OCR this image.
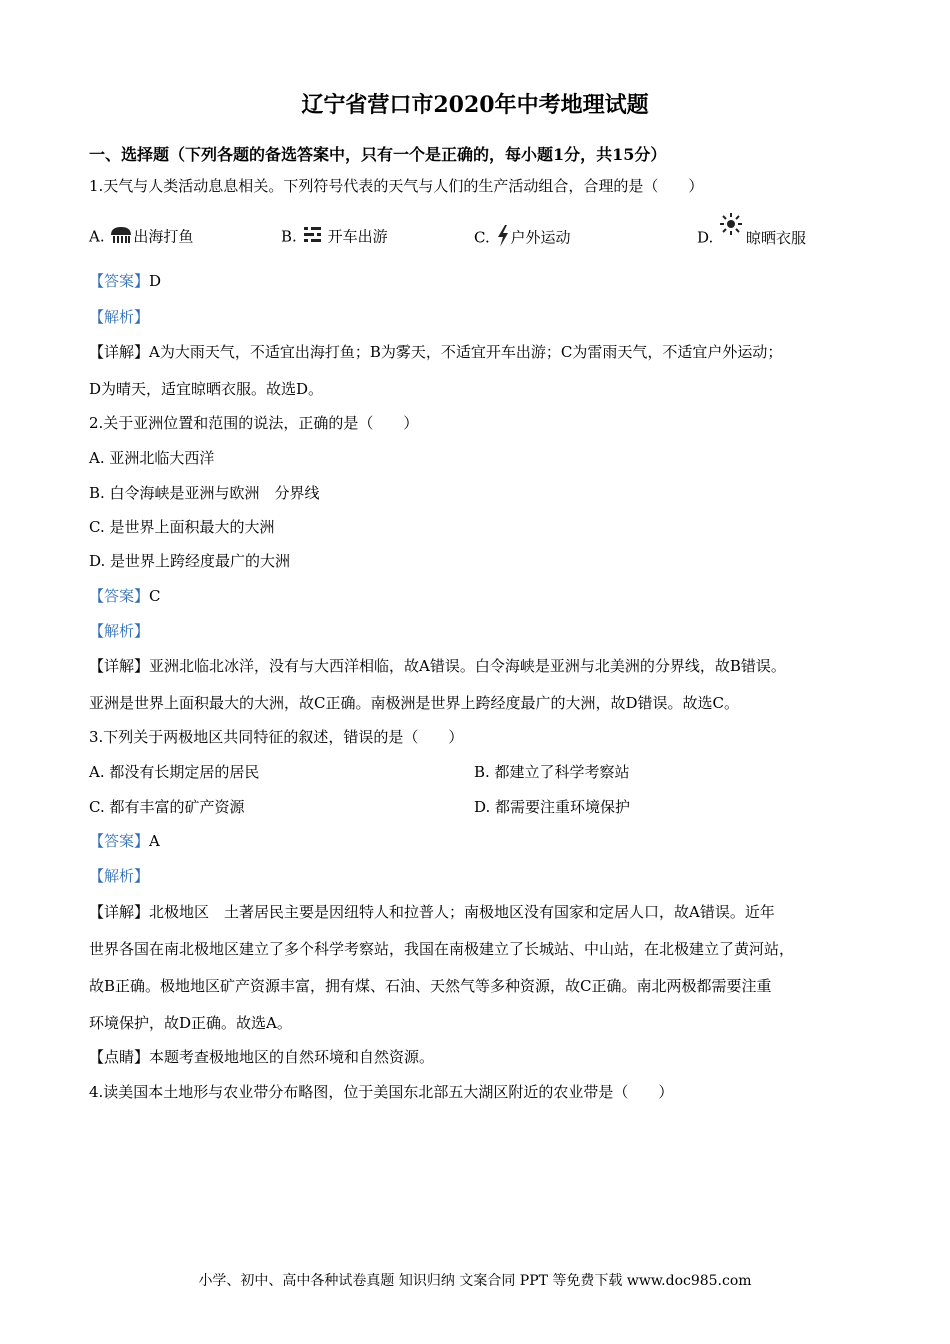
辽宁省营口市2020年中考地理试题
一、选择题（下列各题的备选答案中，只有一个是正确的，每小题1分，共15分）
1.天气与人类活动息息相关。下列符号代表的天气与人们的生产活动组合，合理的是（　　）
A. 出海打鱼	B. 开车出游	C. 户外运动	D. 晾晒衣服
【答案】D
【解析】
【详解】A为大雨天气，不适宜出海打鱼；B为雾天，不适宜开车出游；C为雷雨天气，不适宜户外运动；
D为晴天，适宜晾晒衣服。故选D。
2.关于亚洲位置和范围的说法，正确的是（　　）
A. 亚洲北临大西洋
B. 白令海峡是亚洲与欧洲　分界线
C. 是世界上面积最大的大洲
D. 是世界上跨经度最广的大洲
【答案】C
【解析】
【详解】亚洲北临北冰洋，没有与大西洋相临，故A错误。白令海峡是亚洲与北美洲的分界线，故B错误。
亚洲是世界上面积最大的大洲，故C正确。南极洲是世界上跨经度最广的大洲，故D错误。故选C。
3.下列关于两极地区共同特征的叙述，错误的是（　　）
A. 都没有长期定居的居民	B. 都建立了科学考察站
C. 都有丰富的矿产资源	D. 都需要注重环境保护
【答案】A
【解析】
【详解】北极地区　土著居民主要是因纽特人和拉普人；南极地区没有国家和定居人口，故A错误。近年
世界各国在南北极地区建立了多个科学考察站，我国在南极建立了长城站、中山站，在北极建立了黄河站，
故B正确。极地地区矿产资源丰富，拥有煤、石油、天然气等多种资源，故C正确。南北两极都需要注重
环境保护，故D正确。故选A。
【点睛】本题考查极地地区的自然环境和自然资源。
4.读美国本土地形与农业带分布略图，位于美国东北部五大湖区附近的农业带是（　　）
小学、初中、高中各种试卷真题 知识归纳 文案合同 PPT 等免费下载 www.doc985.com
